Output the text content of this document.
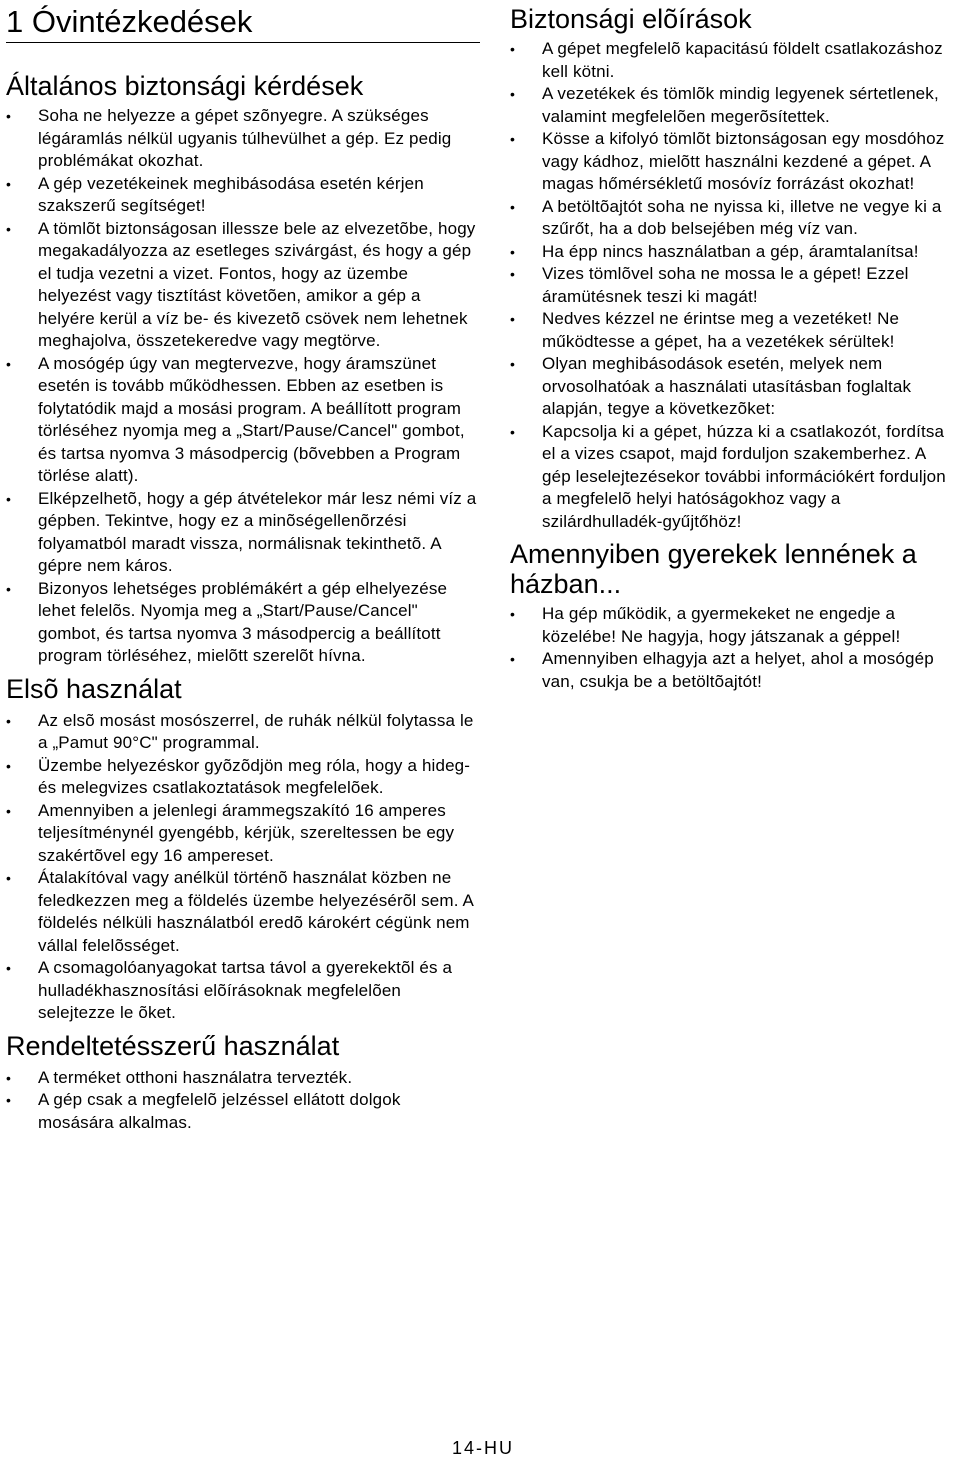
1 Óvintézkedések
Általános biztonsági kérdések
• Soha ne helyezze a gépet szõnyegre. A szükséges légáramlás nélkül ugyanis túlhevülhet a gép. Ez pedig problémákat okozhat.
• A gép vezetékeinek meghibásodása esetén kérjen szakszerű segítséget!
• A tömlõt biztonságosan illessze bele az elvezetõbe, hogy megakadályozza az esetleges szivárgást, és hogy a gép el tudja vezetni a vizet. Fontos, hogy az üzembe helyezést vagy tisztítást követõen, amikor a gép a helyére kerül a víz be- és kivezetõ csövek nem lehetnek meghajolva, összetekeredve vagy megtörve.
• A mosógép úgy van megtervezve, hogy áramszünet esetén is tovább működhessen. Ebben az esetben is folytatódik majd a mosási program. A beállított program törléséhez nyomja meg a „Start/Pause/Cancel" gombot, és tartsa nyomva 3 másodpercig (bõvebben a Program törlése alatt).
• Elképzelhetõ, hogy a gép átvételekor már lesz némi víz a gépben. Tekintve, hogy ez a minõségellenõrzési folyamatból maradt vissza, normálisnak tekinthetõ. A gépre nem káros.
• Bizonyos lehetséges problémákért a gép elhelyezése lehet felelõs. Nyomja meg a „Start/Pause/Cancel" gombot, és tartsa nyomva 3 másodpercig a beállított program törléséhez, mielõtt szerelõt hívna.
Elsõ használat
• Az elsõ mosást mosószerrel, de ruhák nélkül folytassa le a „Pamut 90°C" programmal.
• Üzembe helyezéskor gyõzõdjön meg róla, hogy a hideg- és melegvizes csatlakoztatások megfelelõek.
• Amennyiben a jelenlegi árammegszakító 16 amperes teljesítménynél gyengébb, kérjük, szereltessen be egy szakértõvel egy 16 ampereset.
• Átalakítóval vagy anélkül történõ használat közben ne feledkezzen meg a földelés üzembe helyezésérõl sem. A földelés nélküli használatból eredõ károkért cégünk nem vállal felelõsséget.
• A csomagolóanyagokat tartsa távol a gyerekektõl és a hulladékhasznosítási elõírásoknak megfelelõen selejtezze le õket.
Rendeltetésszerű használat
• A terméket otthoni használatra tervezték.
• A gép csak a megfelelõ jelzéssel ellátott dolgok mosására alkalmas.
Biztonsági elõírások
• A gépet megfelelõ kapacitású földelt csatlakozáshoz kell kötni.
• A vezetékek és tömlõk mindig legyenek sértetlenek, valamint megfelelõen megerõsítettek.
• Kösse a kifolyó tömlõt biztonságosan egy mosdóhoz vagy kádhoz, mielõtt használni kezdené a gépet. A magas hőmérsékletű mosóvíz forrázást okozhat!
• A betöltõajtót soha ne nyissa ki, illetve ne vegye ki a szűrőt, ha a dob belsejében még víz van.
• Ha épp nincs használatban a gép, áramtalanítsa!
• Vizes tömlõvel soha ne mossa le a gépet! Ezzel áramütésnek teszi ki magát!
• Nedves kézzel ne érintse meg a vezetéket! Ne működtesse a gépet, ha a vezetékek sérültek!
• Olyan meghibásodások esetén, melyek nem orvosolhatóak a használati utasításban foglaltak alapján, tegye a következõket:
• Kapcsolja ki a gépet, húzza ki a csatlakozót, fordítsa el a vizes csapot, majd forduljon szakemberhez. A gép leselejtezésekor további információkért forduljon a megfelelõ helyi hatóságokhoz vagy a szilárdhulladék-gyűjtőhöz!
Amennyiben gyerekek lennének a házban...
• Ha gép működik, a gyermekeket ne engedje a közelébe! Ne hagyja, hogy játszanak a géppel!
• Amennyiben elhagyja azt a helyet, ahol a mosógép van, csukja be a betöltõajtót!
14-HU
